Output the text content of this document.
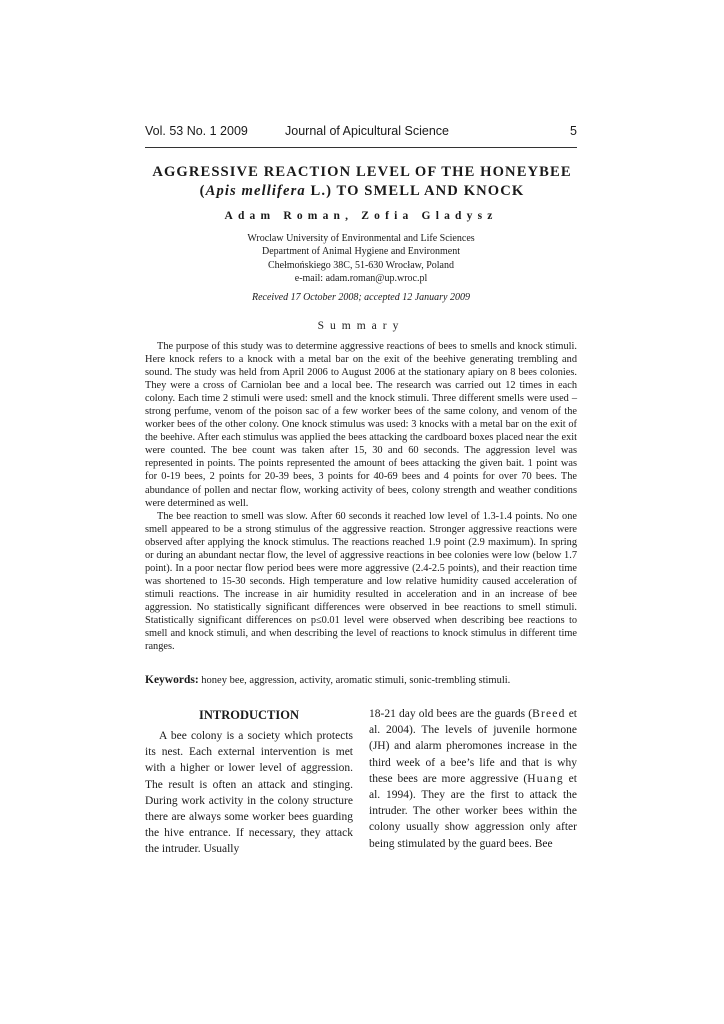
Vol. 53 No. 1 2009	Journal of Apicultural Science	5
AGGRESSIVE REACTION LEVEL OF THE HONEYBEE
(Apis mellifera L.) TO SMELL AND KNOCK
Adam Roman, Zofia Gladysz
Wroclaw University of Environmental and Life Sciences
Department of Animal Hygiene and Environment
Chełmońskiego 38C, 51-630 Wrocław, Poland
e-mail: adam.roman@up.wroc.pl
Received 17 October 2008; accepted 12 January 2009
Summary

The purpose of this study was to determine aggressive reactions of bees to smells and knock stimuli. Here knock refers to a knock with a metal bar on the exit of the beehive generating trembling and sound. The study was held from April 2006 to August 2006 at the stationary apiary on 8 bees colonies. They were a cross of Carniolan bee and a local bee. The research was carried out 12 times in each colony. Each time 2 stimuli were used: smell and the knock stimuli. Three different smells were used – strong perfume, venom of the poison sac of a few worker bees of the same colony, and venom of the worker bees of the other colony. One knock stimulus was used: 3 knocks with a metal bar on the exit of the beehive. After each stimulus was applied the bees attacking the cardboard boxes placed near the exit were counted. The bee count was taken after 15, 30 and 60 seconds. The aggression level was represented in points. The points represented the amount of bees attacking the given bait. 1 point was for 0-19 bees, 2 points for 20-39 bees, 3 points for 40-69 bees and 4 points for over 70 bees. The abundance of pollen and nectar flow, working activity of bees, colony strength and weather conditions were determined as well.

The bee reaction to smell was slow. After 60 seconds it reached low level of 1.3-1.4 points. No one smell appeared to be a strong stimulus of the aggressive reaction. Stronger aggressive reactions were observed after applying the knock stimulus. The reactions reached 1.9 point (2.9 maximum). In spring or during an abundant nectar flow, the level of aggressive reactions in bee colonies were low (below 1.7 point). In a poor nectar flow period bees were more aggressive (2.4-2.5 points), and their reaction time was shortened to 15-30 seconds. High temperature and low relative humidity caused acceleration of stimuli reactions. The increase in air humidity resulted in acceleration and in an increase of bee aggression. No statistically significant differences were observed in bee reactions to smell stimuli. Statistically significant differences on p≤0.01 level were observed when describing bee reactions to smell and knock stimuli, and when describing the level of reactions to knock stimulus in different time ranges.

Keywords: honey bee, aggression, activity, aromatic stimuli, sonic-trembling stimuli.
INTRODUCTION

A bee colony is a society which protects its nest. Each external intervention is met with a higher or lower level of aggression. The result is often an attack and stinging. During work activity in the colony structure there are always some worker bees guarding the hive entrance. If necessary, they attack the intruder. Usually

18-21 day old bees are the guards (Breed et al. 2004). The levels of juvenile hormone (JH) and alarm pheromones increase in the third week of a bee’s life and that is why these bees are more aggressive (Huang et al. 1994). They are the first to attack the intruder. The other worker bees within the colony usually show aggression only after being stimulated by the guard bees. Bee
